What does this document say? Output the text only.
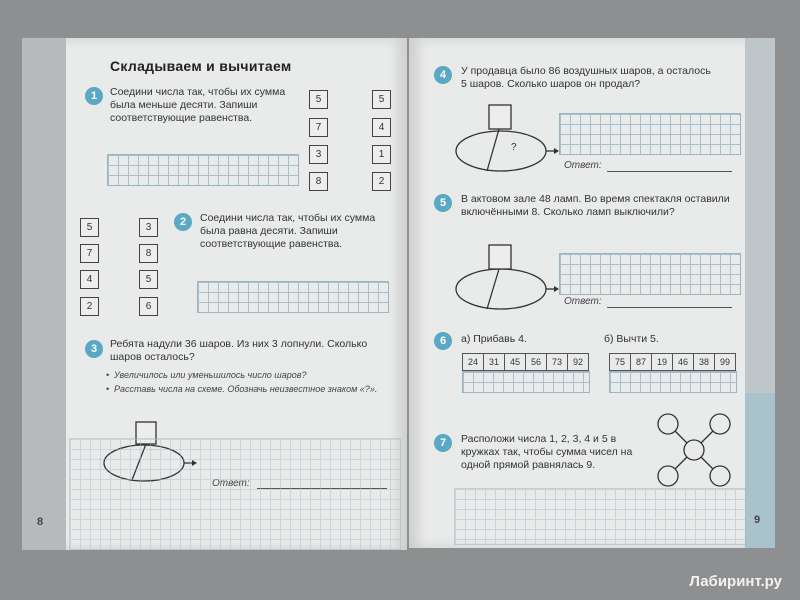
Складываем и вычитаем
1	Соедини числа так, чтобы их сумма была меньше десяти. Запиши соответствующие равенства.
5
7
3
8
5
4
1
2
5
7
4
2
3
8
5
6
2	Соедини числа так, чтобы их сумма была равна десяти. Запиши соответствующие равенства.
3	Ребята надули 36 шаров. Из них 3 лопнули. Сколько шаров осталось?
• Увеличилось или уменьшилось число шаров?
• Расставь числа на схеме. Обозначь неизвестное знаком «?».
Ответ:
8
4	У продавца было 86 воздушных шаров, а осталось 5 шаров. Сколько шаров он продал?
?
Ответ:
5	В актовом зале 48 ламп. Во время спектакля оставили включёнными 8. Сколько ламп выключили?
Ответ:
6	а) Прибавь 4.	б) Вычти 5.
24	31	45	56	73	92	75	87	19	46	38	99
7	Расположи числа 1, 2, 3, 4 и 5 в кружках так, чтобы сумма чисел на одной прямой равнялась 9.
9
Лабиринт.ру
